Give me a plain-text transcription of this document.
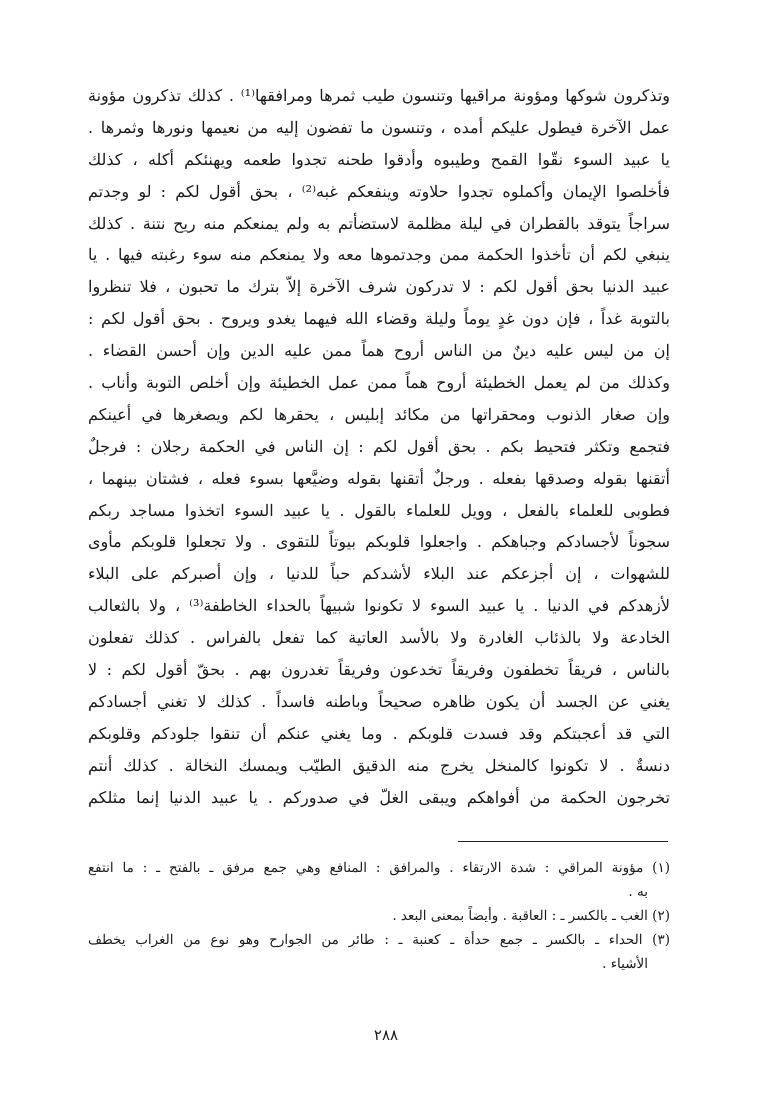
وتذكرون شوكها ومؤونة مراقيها وتنسون طيب ثمرها ومرافقها⁽¹⁾ . كذلك تذكرون مؤونة
عمل الآخرة فيطول عليكم أمده ، وتنسون ما تفضون إليه من نعيمها ونورها وثمرها .
يا عبيد السوء نقّوا القمح وطيبوه وأدقوا طحنه تجدوا طعمه ويهنئكم أكله ، كذلك
فأخلصوا الإيمان وأكملوه تجدوا حلاوته وينفعكم غبه⁽²⁾ ، بحق أقول لكم : لو وجدتم
سراجاً يتوقد بالقطران في ليلة مظلمة لاستضأتم به ولم يمنعكم منه ريح نتنة . كذلك
ينبغي لكم أن تأخذوا الحكمة ممن وجدتموها معه ولا يمنعكم منه سوء رغبته فيها . يا
عبيد الدنيا بحق أقول لكم : لا تدركون شرف الآخرة إلاّ بترك ما تحبون ، فلا تنظروا
بالتوبة غداً ، فإن دون غدٍ يوماً وليلة وقضاء الله فيهما يغدو ويروح . بحق أقول لكم :
إن من ليس عليه دينٌ من الناس أروح هماً ممن عليه الدين وإن أحسن القضاء .
وكذلك من لم يعمل الخطيئة أروح هماً ممن عمل الخطيئة وإن أخلص التوبة وأناب .
وإن صغار الذنوب ومحقراتها من مكائد إبليس ، يحقرها لكم ويصغرها في أعينكم
فتجمع وتكثر فتحيط بكم . بحق أقول لكم : إن الناس في الحكمة رجلان : فرجلٌ
أتقنها بقوله وصدقها بفعله . ورجلٌ أتقنها بقوله وضيَّعها بسوء فعله ، فشتان بينهما ،
فطوبى للعلماء بالفعل ، وويل للعلماء بالقول . يا عبيد السوء اتخذوا مساجد ربكم
سجوناً لأجسادكم وجباهكم . واجعلوا قلوبكم بيوتاً للتقوى . ولا تجعلوا قلوبكم مأوى
للشهوات ، إن أجزعكم عند البلاء لأشدكم حباً للدنيا ، وإن أصبركم على البلاء
لأزهدكم في الدنيا . يا عبيد السوء لا تكونوا شبيهاً بالحداء الخاطفة⁽³⁾ ، ولا بالثعالب
الخادعة ولا بالذئاب الغادرة ولا بالأسد العاتية كما تفعل بالفراس . كذلك تفعلون
بالناس ، فريقاً تخطفون وفريقاً تخدعون وفريقاً تغدرون بهم . بحقّ أقول لكم : لا
يغني عن الجسد أن يكون ظاهره صحيحاً وباطنه فاسداً . كذلك لا تغني أجسادكم
التي قد أعجبتكم وقد فسدت قلوبكم . وما يغني عنكم أن تنقوا جلودكم وقلوبكم
دنسةٌ . لا تكونوا كالمنخل يخرج منه الدقيق الطيّب ويمسك النخالة . كذلك أنتم
تخرجون الحكمة من أفواهكم ويبقى الغلّ في صدوركم . يا عبيد الدنيا إنما مثلكم
(١) مؤونة المراقي : شدة الارتقاء . والمرافق : المنافع وهي جمع مرفق ـ بالفتح ـ : ما انتفع
به .
(٢) الغب ـ بالكسر ـ : العاقبة . وأيضاً بمعنى البعد .
(٣) الحداء ـ بالكسر ـ جمع حدأة ـ كعنبة ـ : طائر من الجوارح وهو نوع من الغراب يخطف
الأشياء .
٢٨٨
